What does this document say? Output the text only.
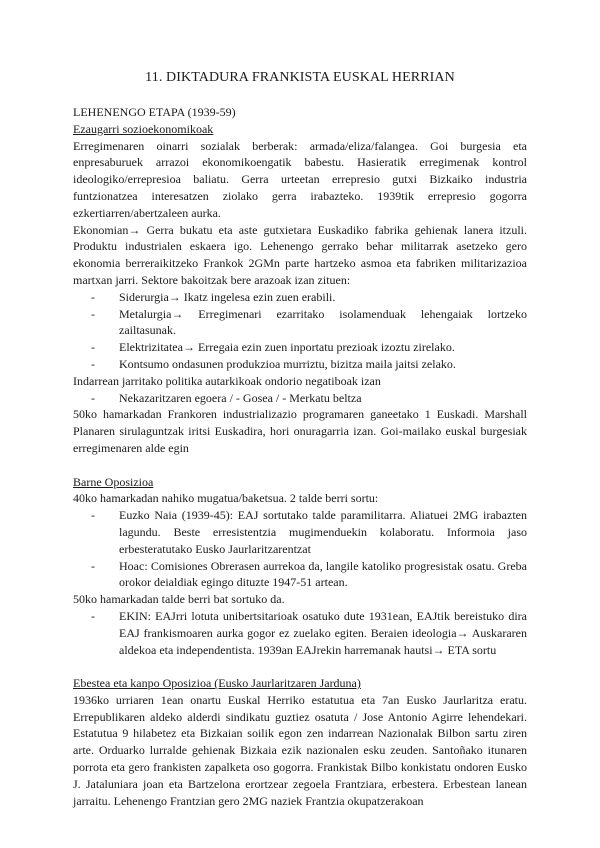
11. DIKTADURA FRANKISTA EUSKAL HERRIAN
LEHENENGO ETAPA (1939-59)
Ezaugarri sozioekonomikoak

Erregimenaren oinarri sozialak berberak: armada/eliza/falangea. Goi burgesia eta enpresaburuek arrazoi ekonomikoengatik babestu. Hasieratik erregimenak kontrol ideologiko/errepresioa baliatu. Gerra urteetan errepresio gutxi Bizkaiko industria funtzionatzea interesatzen ziolako gerra irabazteko. 1939tik errepresio gogorra ezkertiarren/abertzaleen aurka.

Ekonomian→ Gerra bukatu eta aste gutxietara Euskadiko fabrika gehienak lanera itzuli. Produktu industrialen eskaera igo. Lehenengo gerrako behar militarrak asetzeko gero ekonomia berreraikitzeko Frankok 2GMn parte hartzeko asmoa eta fabriken militarizazioa martxan jarri. Sektore bakoitzak bere arazoak izan zituen:

- Siderurgia→ Ikatz ingelesa ezin zuen erabili.
- Metalurgia→ Erregimenari ezarritako isolamenduak lehengaiak lortzeko zailtasunak.
- Elektrizitatea→ Erregaia ezin zuen inportatu prezioak izoztu zirelako.
- Kontsumo ondasunen produkzioa murriztu, bizitza maila jaitsi zelako.

Indarrean jarritako politika autarkikoak ondorio negatiboak izan

- Nekazaritzaren egoera / - Gosea / - Merkatu beltza

50ko hamarkadan Frankoren industrializazio programaren ganeetako 1 Euskadi. Marshall Planaren sirulaguntzak iritsi Euskadira, hori onuragarria izan. Goi-mailako euskal burgesiak erregimenaren alde egin

Barne Oposizioa

40ko hamarkadan nahiko mugatua/baketsua. 2 talde berri sortu:

- Euzko Naia (1939-45): EAJ sortutako talde paramilitarra. Aliatuei 2MG irabazten lagundu. Beste erresistentzia mugimenduekin kolaboratu. Informoia jaso erbesteratutako Eusko Jaurlaritzarentzat
- Hoac: Comisiones Obrerasen aurrekoa da, langile katoliko progresistak osatu. Greba orokor deialdiak egingo dituzte 1947-51 artean.

50ko hamarkadan talde berri bat sortuko da.

- EKIN: EAJrri lotuta unibertsitarioak osatuko dute 1931ean, EAJtik bereistuko dira EAJ frankismoaren aurka gogor ez zuelako egiten. Beraien ideologia→ Auskararen aldekoa eta independentista. 1939an EAJrekin harremanak hautsi→ ETA sortu
Ebestea eta kanpo Oposizioa (Eusko Jaurlaritzaren Jarduna)

1936ko urriaren 1ean onartu Euskal Herriko estatutua eta 7an Eusko Jaurlaritza eratu. Errepublikaren aldeko alderdi sindikatu guztiez osatuta / Jose Antonio Agirre lehendekari. Estatutua 9 hilabetez eta Bizkaian soilik egon zen indarrean Nazionalak Bilbon sartu ziren arte. Orduarko lurralde gehienak Bizkaia ezik nazionalen esku zeuden. Santoñako itunaren porrota eta gero frankisten zapalketa oso gogorra. Frankistak Bilbo konkistatu ondoren Eusko J. Jataluniara joan eta Bartzelona erortzear zegoela Frantziara, erbestera. Erbestean lanean jarraitu. Lehenengo Frantzian gero 2MG naziek Frantzia okupatzerakoan
